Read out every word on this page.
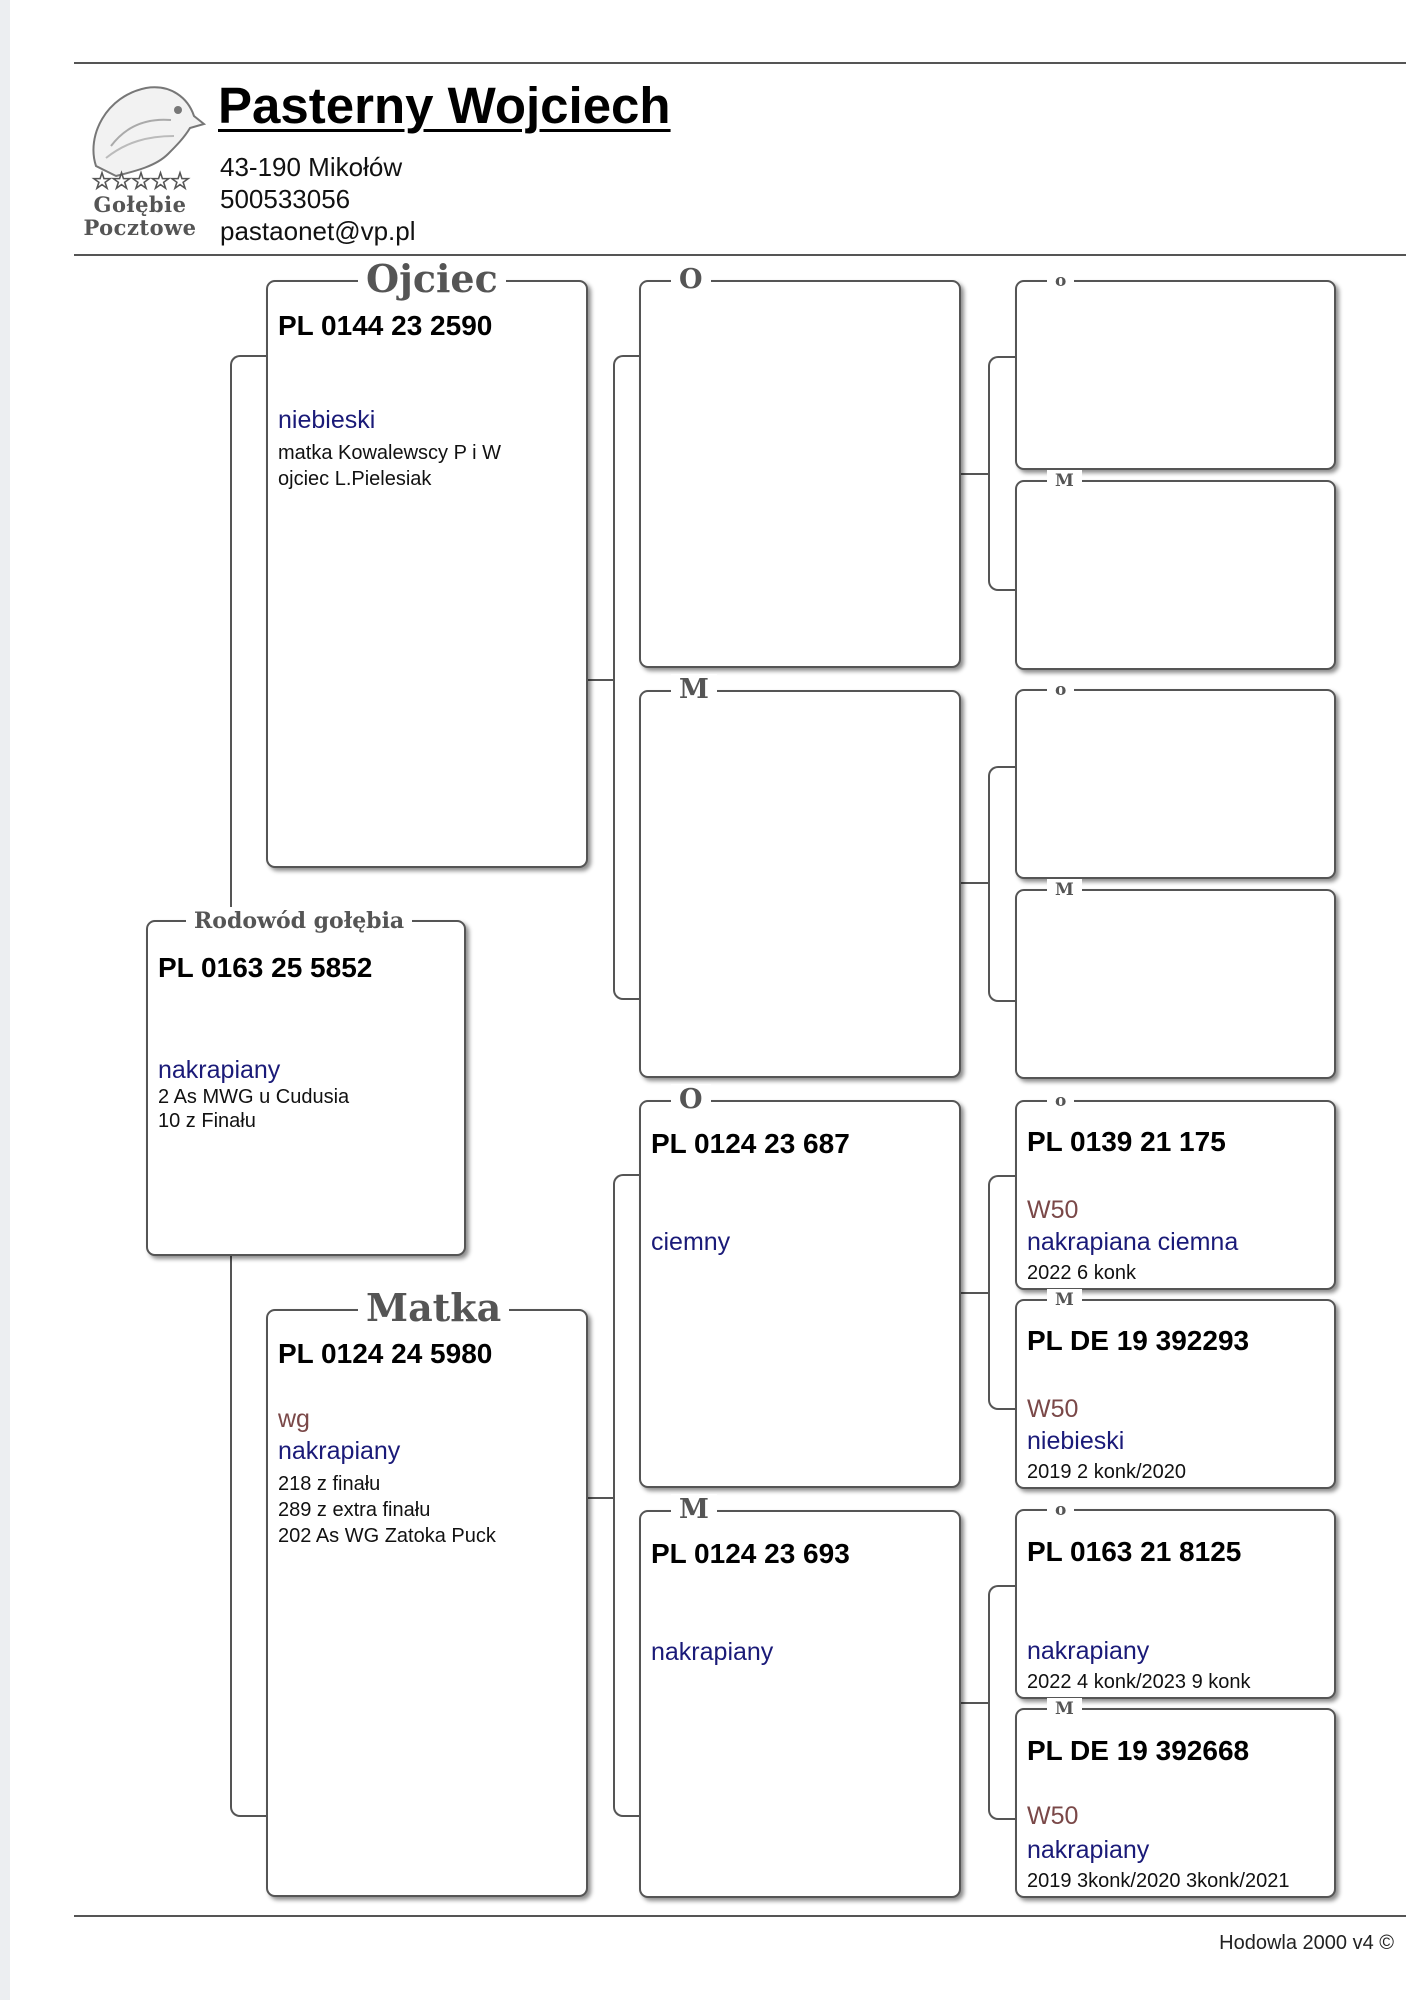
☆☆☆☆☆
Gołębie
Pocztowe
Pasterny Wojciech
43-190 Mikołów
500533056
pastaonet@vp.pl
Rodowód gołębia
PL 0163 25 5852
nakrapiany
2 As MWG u Cudusia
10 z Finału
Ojciec
PL 0144 23 2590
niebieski
matka Kowalewscy P i W
ojciec L.Pielesiak
Matka
PL 0124 24 5980
wg
nakrapiany
218 z finału
289 z extra finału
202 As WG Zatoka Puck
O
M
O
PL 0124 23 687
ciemny
M
PL 0124 23 693
nakrapiany
o
M
o
M
o
PL 0139 21 175
W50
nakrapiana ciemna
2022 6 konk
M
PL DE 19 392293
W50
niebieski
2019 2 konk/2020
o
PL 0163 21 8125
nakrapiany
2022 4 konk/2023 9 konk
M
PL DE 19 392668
W50
nakrapiany
2019 3konk/2020 3konk/2021
Hodowla 2000 v4 ©
